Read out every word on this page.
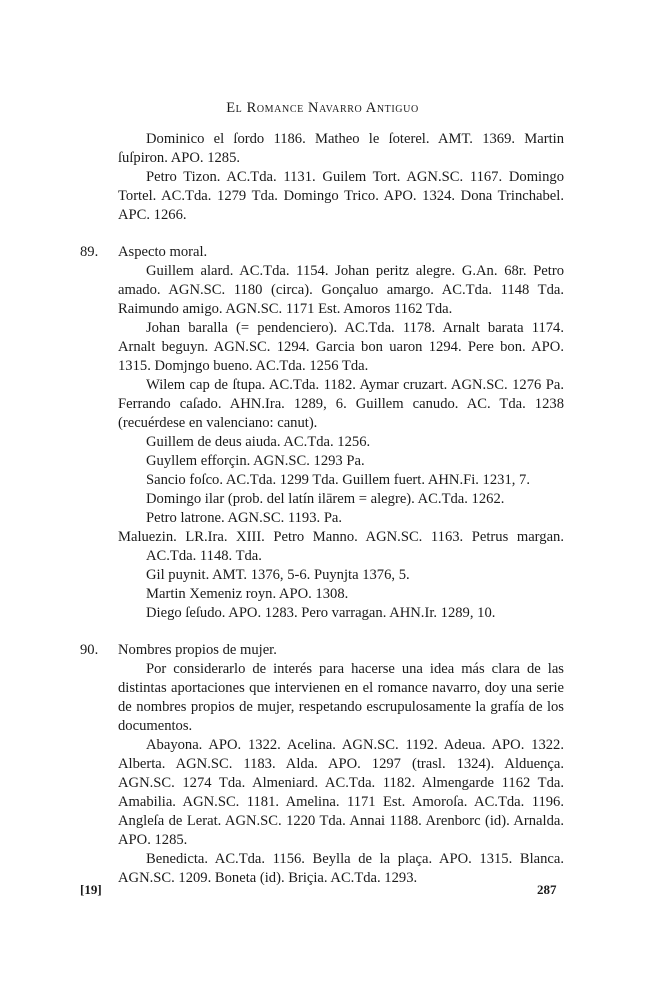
El Romance Navarro Antiguo

Dominico el ſordo 1186. Matheo le ſoterel. AMT. 1369. Martin ſuſpiron. APO. 1285.

Petro Tizon. AC.Tda. 1131. Guilem Tort. AGN.SC. 1167. Domingo Tortel. AC.Tda. 1279 Tda. Domingo Trico. APO. 1324. Dona Trinchabel. APC. 1266.

89. Aspecto moral.

Guillem alard. AC.Tda. 1154. Johan peritz alegre. G.An. 68r. Petro amado. AGN.SC. 1180 (circa). Gonçaluo amargo. AC.Tda. 1148 Tda. Raimundo amigo. AGN.SC. 1171 Est. Amoros 1162 Tda.

Johan baralla (= pendenciero). AC.Tda. 1178. Arnalt barata 1174. Arnalt beguyn. AGN.SC. 1294. Garcia bon uaron 1294. Pere bon. APO. 1315. Domjngo bueno. AC.Tda. 1256 Tda.

Wilem cap de ſtupa. AC.Tda. 1182. Aymar cruzart. AGN.SC. 1276 Pa. Ferrando caſado. AHN.Ira. 1289, 6. Guillem canudo. AC. Tda. 1238 (recuérdese en valenciano: canut).

Guillem de deus aiuda. AC.Tda. 1256.

Guyllem efforçin. AGN.SC. 1293 Pa.

Sancio foſco. AC.Tda. 1299 Tda. Guillem fuert. AHN.Fi. 1231, 7.

Domingo ilar (prob. del latín ilārem = alegre). AC.Tda. 1262.

Petro latrone. AGN.SC. 1193. Pa.

Maluezin. LR.Ira. XIII. Petro Manno. AGN.SC. 1163. Petrus margan. AC.Tda. 1148. Tda.

Gil puynit. AMT. 1376, 5-6. Puynjta 1376, 5.

Martin Xemeniz royn. APO. 1308.

Diego ſeſudo. APO. 1283. Pero varragan. AHN.Ir. 1289, 10.

90. Nombres propios de mujer.

Por considerarlo de interés para hacerse una idea más clara de las distintas aportaciones que intervienen en el romance navarro, doy una serie de nombres propios de mujer, respetando escrupulosamente la grafía de los documentos.

Abayona. APO. 1322. Acelina. AGN.SC. 1192. Adeua. APO. 1322. Alberta. AGN.SC. 1183. Alda. APO. 1297 (trasl. 1324). Alduença. AGN.SC. 1274 Tda. Almeniard. AC.Tda. 1182. Almengarde 1162 Tda. Amabilia. AGN.SC. 1181. Amelina. 1171 Est. Amoroſa. AC.Tda. 1196. Angleſa de Lerat. AGN.SC. 1220 Tda. Annai 1188. Arenborc (id). Arnalda. APO. 1285.

Benedicta. AC.Tda. 1156. Beylla de la plaça. APO. 1315. Blanca. AGN.SC. 1209. Boneta (id). Briçia. AC.Tda. 1293.

[19]	287
